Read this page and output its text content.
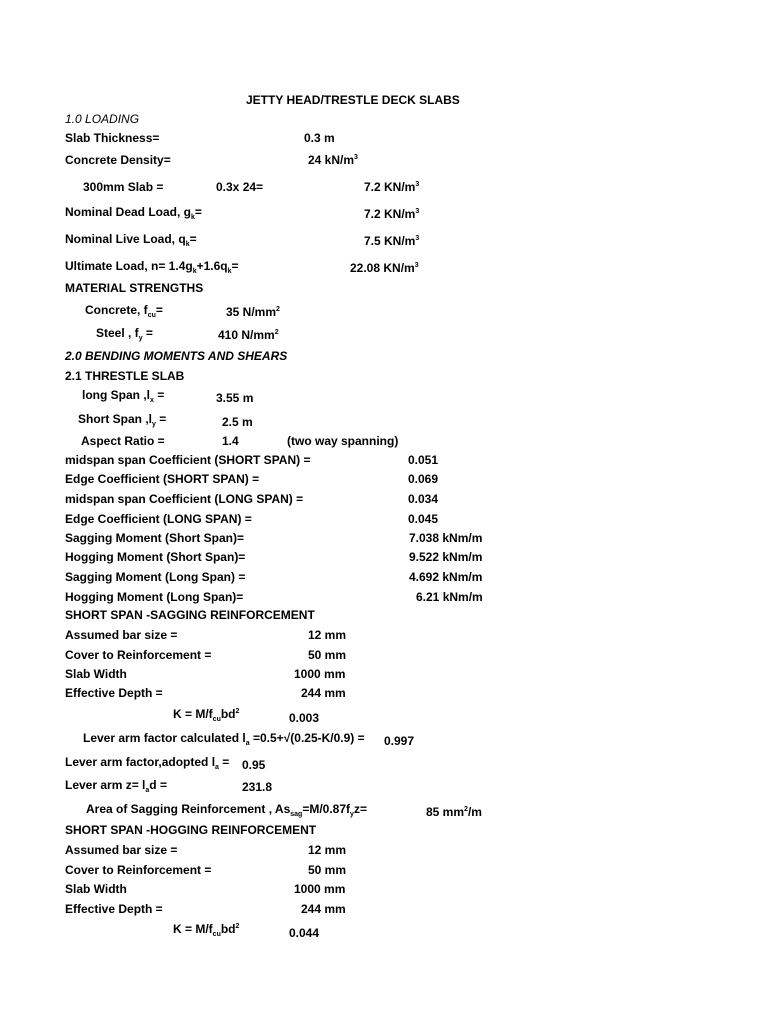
JETTY HEAD/TRESTLE DECK SLABS
1.0 LOADING
Slab Thickness=	0.3 m
Concrete Density=	24 $kN/m^3$
300mm Slab =	0.3x 24=	7.2 $KN/m^3$
Nominal Dead Load, $g_k=$	7.2 $KN/m^3$
Nominal Live Load, $q_k=$	7.5 $KN/m^3$
Ultimate Load, $n= 1.4g_k+1.6q_k=$	22.08 $KN/m^3$
MATERIAL STRENGTHS
Concrete, $f_{cu}=$	35 $N/mm^2$
Steel , $f_y$ =	410 $N/mm^2$
2.0 BENDING MOMENTS AND SHEARS
2.1 THRESTLE SLAB
long Span $,l_x$ =	3.55 m
Short Span $,l_y$ =	2.5 m
Aspect Ratio =	1.4	(two way spanning)
midspan span Coefficient (SHORT SPAN) =	0.051
Edge Coefficient (SHORT SPAN) =	0.069
midspan span Coefficient (LONG SPAN) =	0.034
Edge Coefficient (LONG SPAN) =	0.045
Sagging Moment (Short Span)=	7.038 kNm/m
Hogging Moment (Short Span)=	9.522 kNm/m
Sagging Moment (Long Span) =	4.692 kNm/m
Hogging Moment (Long Span)=	6.21 kNm/m
SHORT SPAN -SAGGING REINFORCEMENT
Assumed bar size =	12 mm
Cover to Reinforcement =	50 mm
Slab Width	1000 mm
Effective Depth =	244 mm
$K = M/f_{cu}bd^2$	0.003
Lever arm factor calculated $l_a =0.5+√(0.25-K/0.9) = 0.997$
Lever arm factor,adopted $l_a = 0.95$
Lever arm $z= l_ad$ =	231.8
Area of Sagging Reinforcement , $As_{sag}=M/0.87f_yz=$	85 $mm^2/m$
SHORT SPAN -HOGGING REINFORCEMENT
Assumed bar size =	12 mm
Cover to Reinforcement =	50 mm
Slab Width	1000 mm
Effective Depth =	244 mm
$K = M/f_{cu}bd^2$	0.044
